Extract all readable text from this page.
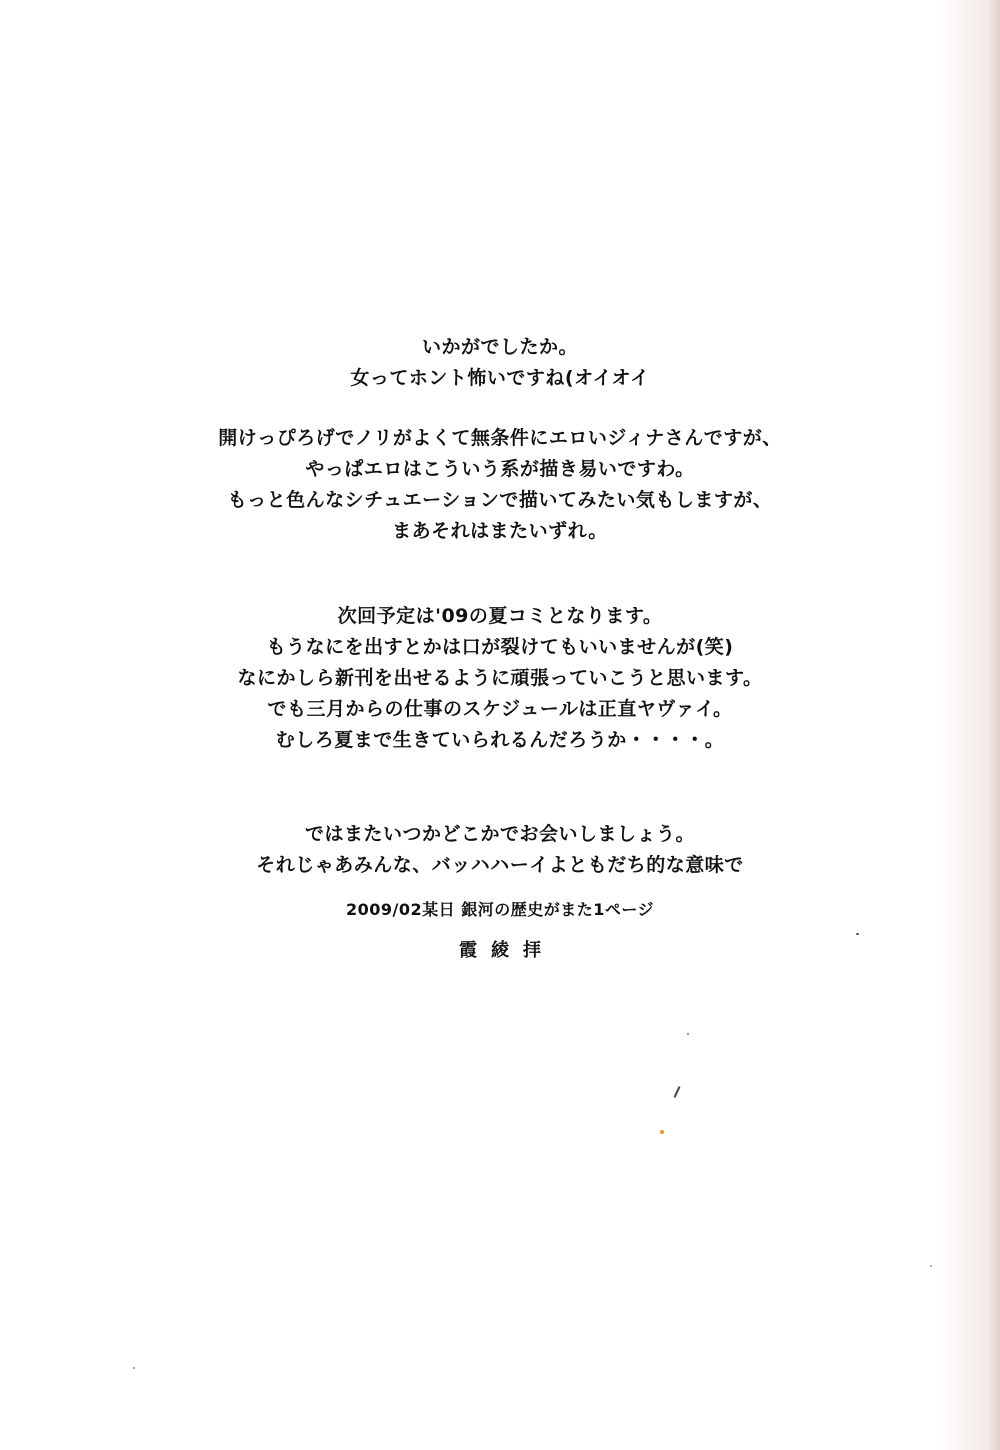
いかがでしたか。
女ってホント怖いですね(オイオイ
開けっぴろげでノリがよくて無条件にエロいジィナさんですが、
やっぱエロはこういう系が描き易いですわ。
もっと色んなシチュエーションで描いてみたい気もしますが、
まあそれはまたいずれ。
次回予定は'09の夏コミとなります。
もうなにを出すとかは口が裂けてもいいませんが(笑)
なにかしら新刊を出せるように頑張っていこうと思います。
でも三月からの仕事のスケジュールは正直ヤヴァイ。
むしろ夏まで生きていられるんだろうか・・・・。
ではまたいつかどこかでお会いしましょう。
それじゃあみんな、バッハハーイよともだち的な意味で
2009/02某日 銀河の歴史がまた1ページ
霞綾拝
